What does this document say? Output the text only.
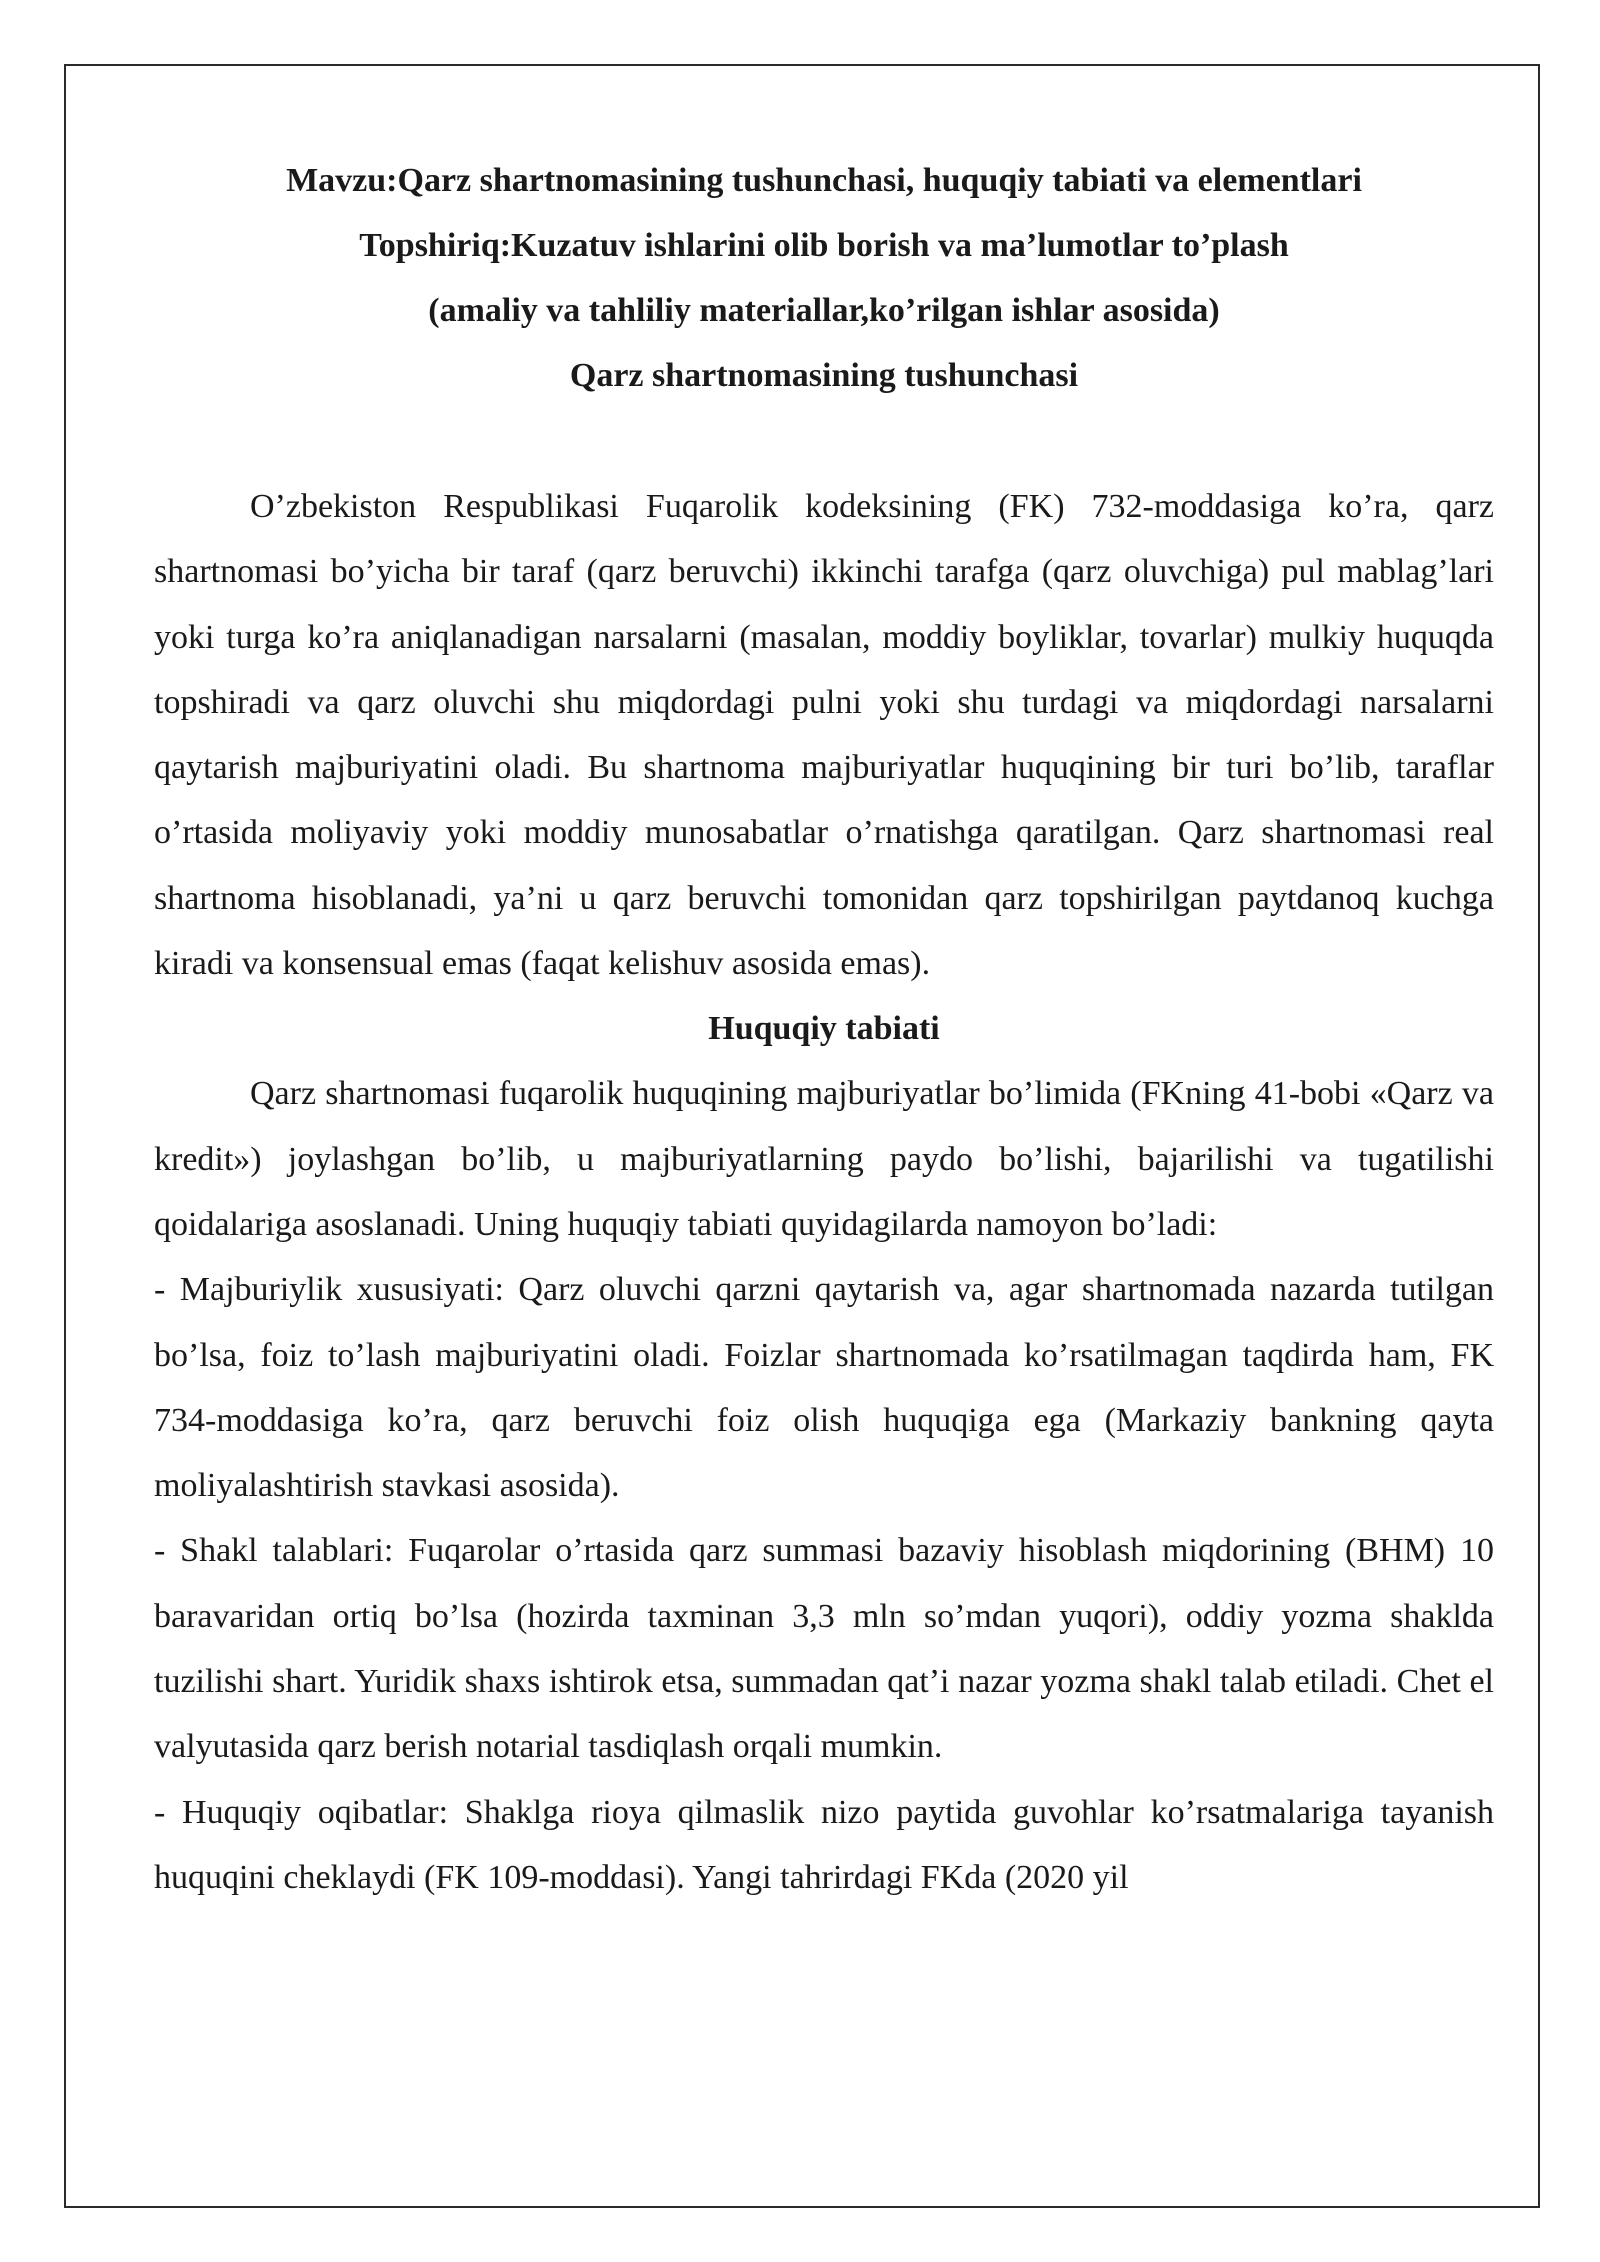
Mavzu:Qarz shartnomasining tushunchasi, huquqiy tabiati va elementlari

Topshiriq:Kuzatuv ishlarini olib borish va ma’lumotlar to’plash

(amaliy va tahliliy materiallar,ko’rilgan ishlar asosida)

Qarz shartnomasining tushunchasi

O’zbekiston Respublikasi Fuqarolik kodeksining (FK) 732-moddasiga ko’ra, qarz shartnomasi bo’yicha bir taraf (qarz beruvchi) ikkinchi tarafga (qarz oluvchiga) pul mablag’lari yoki turga ko’ra aniqlanadigan narsalarni (masalan, moddiy boyliklar, tovarlar) mulkiy huquqda topshiradi va qarz oluvchi shu miqdordagi pulni yoki shu turdagi va miqdordagi narsalarni qaytarish majburiyatini oladi. Bu shartnoma majburiyatlar huquqining bir turi bo’lib, taraflar o’rtasida moliyaviy yoki moddiy munosabatlar o’rnatishga qaratilgan. Qarz shartnomasi real shartnoma hisoblanadi, ya’ni u qarz beruvchi tomonidan qarz topshirilgan paytdanoq kuchga kiradi va konsensual emas (faqat kelishuv asosida emas).

Huquqiy tabiati

Qarz shartnomasi fuqarolik huquqining majburiyatlar bo’limida (FKning 41-bobi «Qarz va kredit») joylashgan bo’lib, u majburiyatlarning paydo bo’lishi, bajarilishi va tugatilishi qoidalariga asoslanadi. Uning huquqiy tabiati quyidagilarda namoyon bo’ladi:

- Majburiylik xususiyati: Qarz oluvchi qarzni qaytarish va, agar shartnomada nazarda tutilgan bo’lsa, foiz to’lash majburiyatini oladi. Foizlar shartnomada ko’rsatilmagan taqdirda ham, FK 734-moddasiga ko’ra, qarz beruvchi foiz olish huquqiga ega (Markaziy bankning qayta moliyalashtirish stavkasi asosida).

- Shakl talablari: Fuqarolar o’rtasida qarz summasi bazaviy hisoblash miqdorining (BHM) 10 baravaridan ortiq bo’lsa (hozirda taxminan 3,3 mln so’mdan yuqori), oddiy yozma shaklda tuzilishi shart. Yuridik shaxs ishtirok etsa, summadan qat’i nazar yozma shakl talab etiladi. Chet el valyutasida qarz berish notarial tasdiqlash orqali mumkin.

- Huquqiy oqibatlar: Shaklga rioya qilmaslik nizo paytida guvohlar ko’rsatmalariga tayanish huquqini cheklaydi (FK 109-moddasi). Yangi tahrirdagi FKda (2020 yil
